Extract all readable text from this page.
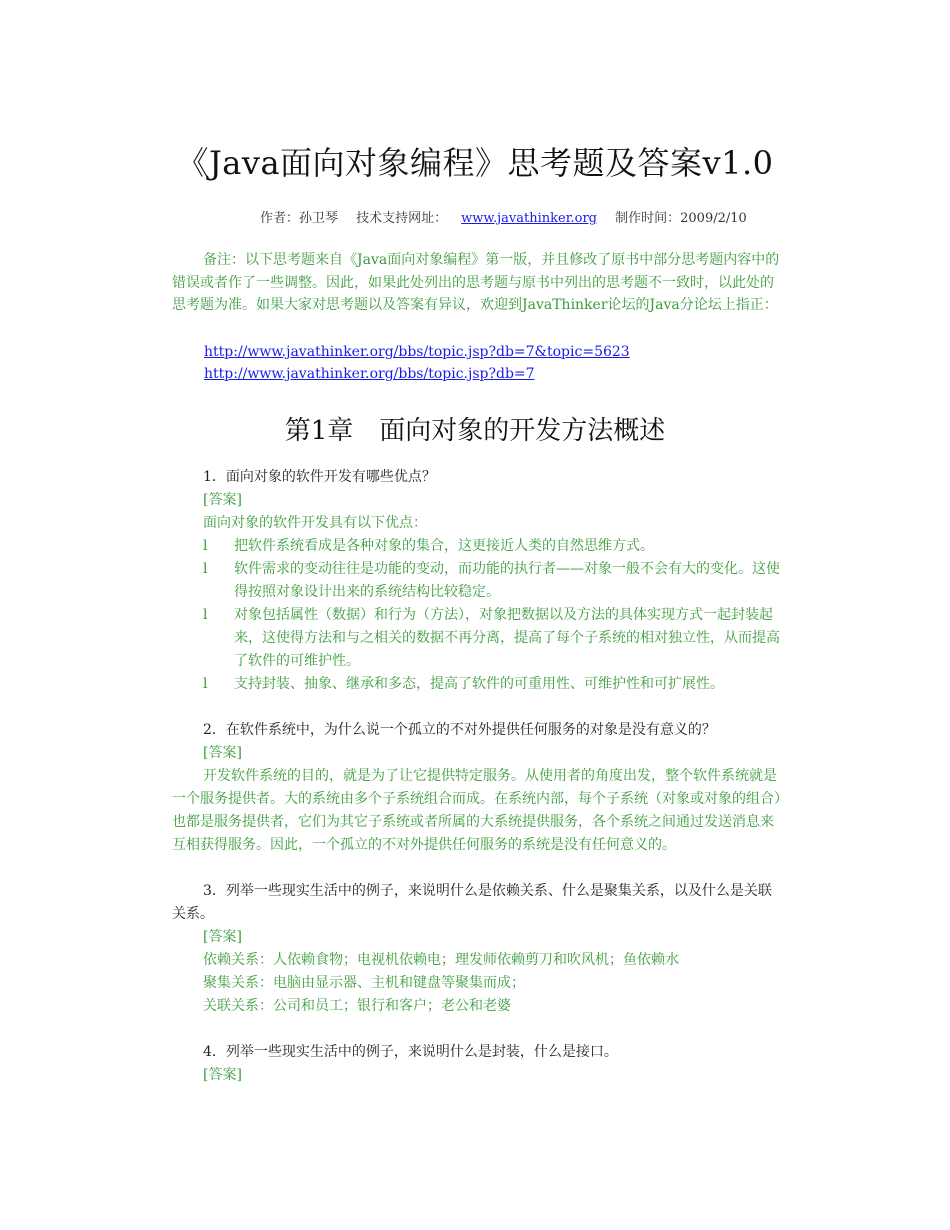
《Java面向对象编程》思考题及答案v1.0
作者：孙卫琴 技术支持网址： www.javathinker.org 制作时间：2009/2/10

备注：以下思考题来自《Java面向对象编程》第一版，并且修改了原书中部分思考题内容中的错误或者作了一些调整。因此，如果此处列出的思考题与原书中列出的思考题不一致时，以此处的思考题为准。如果大家对思考题以及答案有异议，欢迎到JavaThinker论坛的Java分论坛上指正：

http://www.javathinker.org/bbs/topic.jsp?db=7&topic=5623
http://www.javathinker.org/bbs/topic.jsp?db=7
第1章　面向对象的开发方法概述

1．面向对象的软件开发有哪些优点？

[答案]

面向对象的软件开发具有以下优点：

l 把软件系统看成是各种对象的集合，这更接近人类的自然思维方式。
l 软件需求的变动往往是功能的变动，而功能的执行者——对象一般不会有大的变化。这使得按照对象设计出来的系统结构比较稳定。
l 对象包括属性（数据）和行为（方法），对象把数据以及方法的具体实现方式一起封装起来，这使得方法和与之相关的数据不再分离，提高了每个子系统的相对独立性，从而提高了软件的可维护性。
l 支持封装、抽象、继承和多态，提高了软件的可重用性、可维护性和可扩展性。

2．在软件系统中，为什么说一个孤立的不对外提供任何服务的对象是没有意义的？

[答案]

开发软件系统的目的，就是为了让它提供特定服务。从使用者的角度出发，整个软件系统就是一个服务提供者。大的系统由多个子系统组合而成。在系统内部，每个子系统（对象或对象的组合）也都是服务提供者，它们为其它子系统或者所属的大系统提供服务，各个系统之间通过发送消息来互相获得服务。因此，一个孤立的不对外提供任何服务的系统是没有任何意义的。

3．列举一些现实生活中的例子，来说明什么是依赖关系、什么是聚集关系，以及什么是关联关系。

[答案]

依赖关系：人依赖食物；电视机依赖电；理发师依赖剪刀和吹风机；鱼依赖水

聚集关系：电脑由显示器、主机和键盘等聚集而成；

关联关系：公司和员工；银行和客户；老公和老婆

4．列举一些现实生活中的例子，来说明什么是封装，什么是接口。

[答案]
